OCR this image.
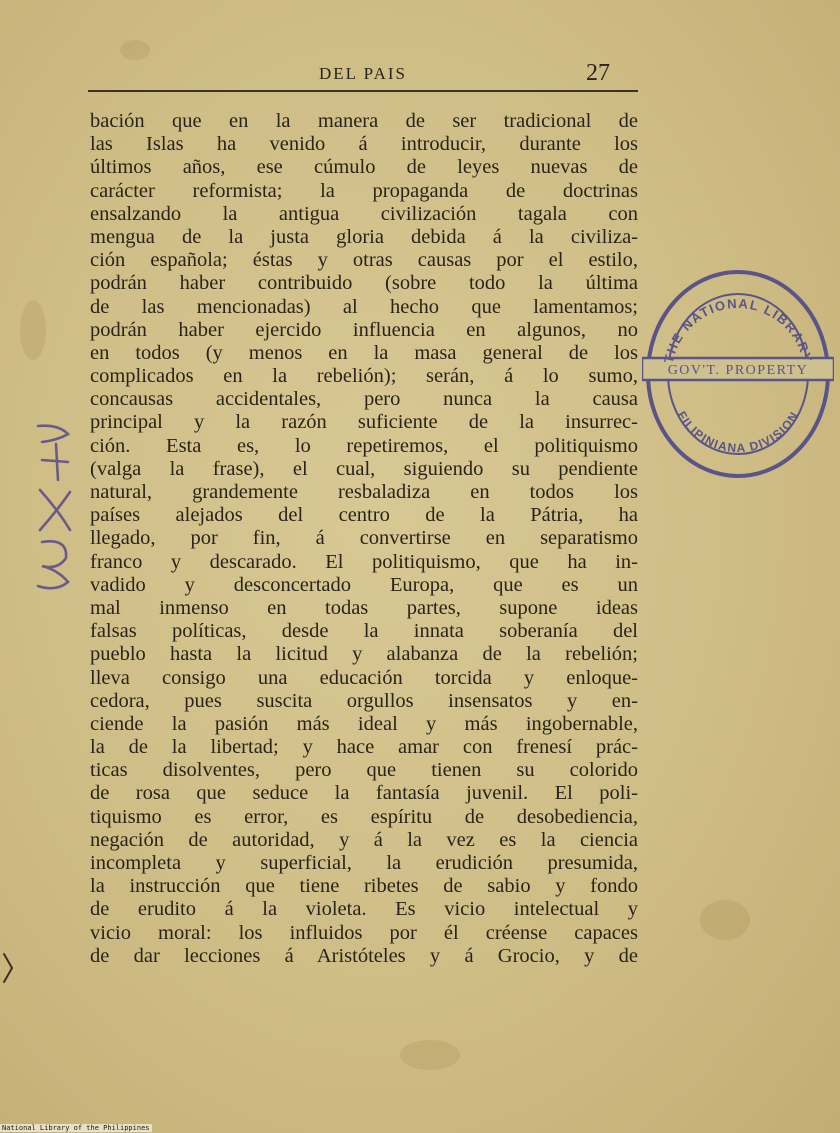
DEL PAIS	27
bación que en la manera de ser tradicional de
las Islas ha venido á introducir, durante los
últimos años, ese cúmulo de leyes nuevas de
carácter reformista; la propaganda de doctrinas
ensalzando la antigua civilización tagala con
mengua de la justa gloria debida á la civiliza-
ción española; éstas y otras causas por el estilo,
podrán haber contribuido (sobre todo la última
de las mencionadas) al hecho que lamentamos;
podrán haber ejercido influencia en algunos, no
en todos (y menos en la masa general de los
complicados en la rebelión); serán, á lo sumo,
concausas accidentales, pero nunca la causa
principal y la razón suficiente de la insurrec-
ción. Esta es, lo repetiremos, el politiquismo
(valga la frase), el cual, siguiendo su pendiente
natural, grandemente resbaladiza en todos los
países alejados del centro de la Pátria, ha
llegado, por fin, á convertirse en separatismo
franco y descarado. El politiquismo, que ha in-
vadido y desconcertado Europa, que es un
mal inmenso en todas partes, supone ideas
falsas políticas, desde la innata soberanía del
pueblo hasta la licitud y alabanza de la rebelión;
lleva consigo una educación torcida y enloque-
cedora, pues suscita orgullos insensatos y en-
ciende la pasión más ideal y más ingobernable,
la de la libertad; y hace amar con frenesí prác-
ticas disolventes, pero que tienen su colorido
de rosa que seduce la fantasía juvenil. El poli-
tiquismo es error, es espíritu de desobediencia,
negación de autoridad, y á la vez es la ciencia
incompleta y superficial, la erudición presumida,
la instrucción que tiene ribetes de sabio y fondo
de erudito á la violeta. Es vicio intelectual y
vicio moral: los influidos por él créense capaces
de dar lecciones á Aristóteles y á Grocio, y de
THE NATIONAL LIBRARY
GOV'T. PROPERTY
FILIPINIANA DIVISION
National Library of the Philippines
